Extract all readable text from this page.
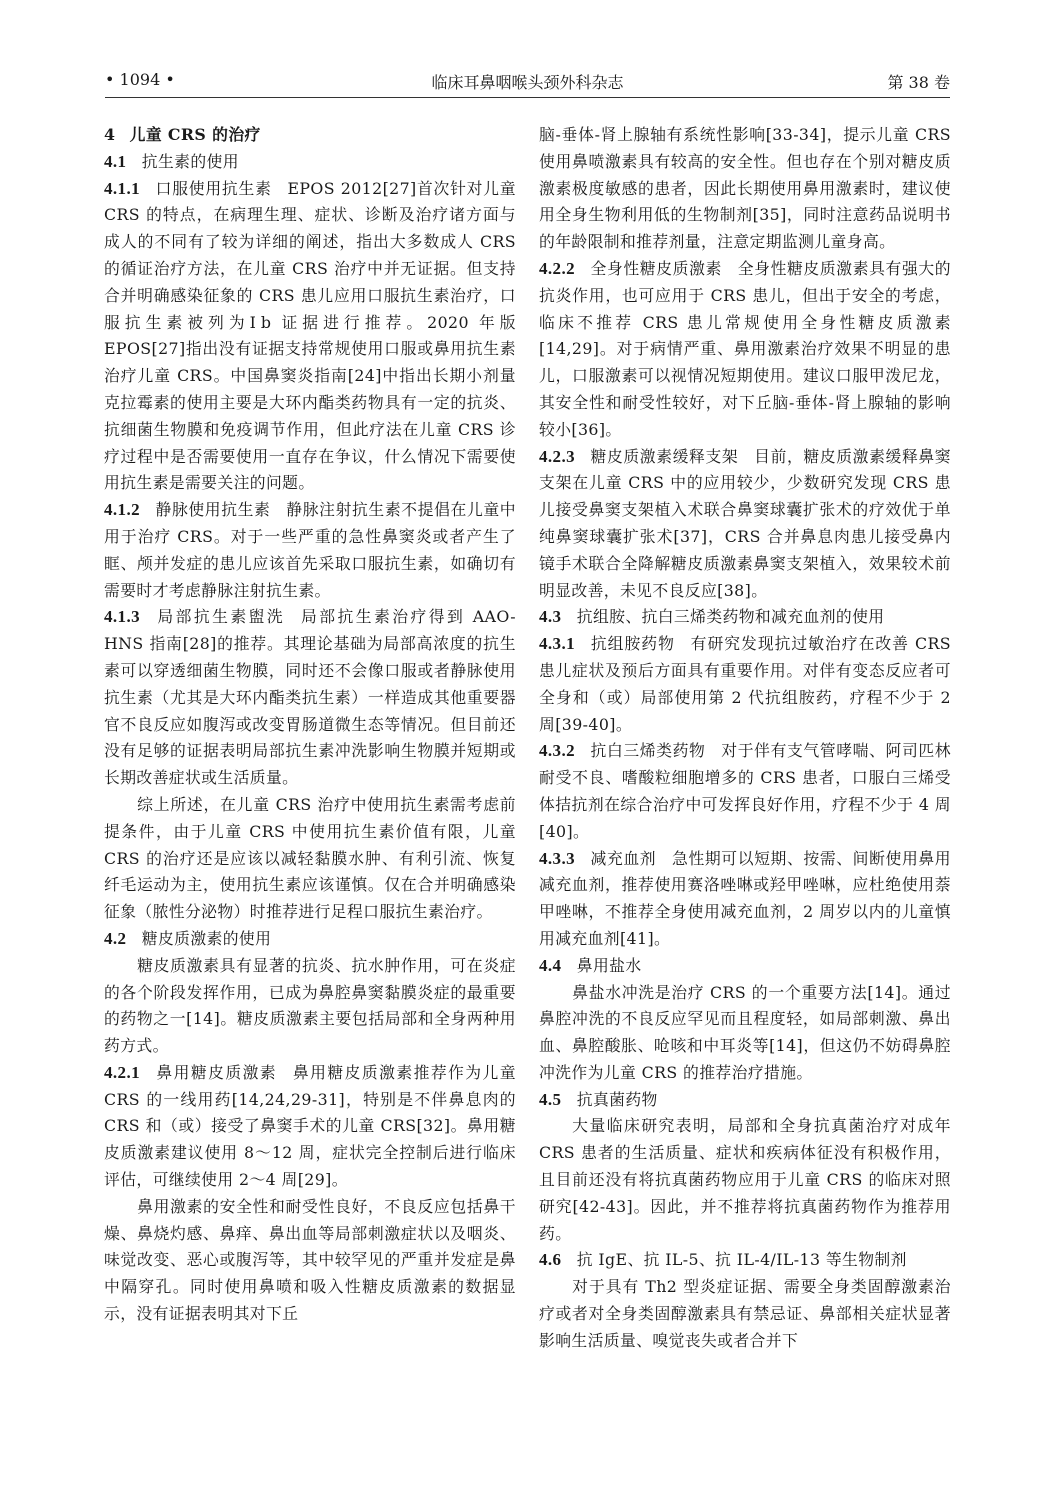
临床耳鼻咽喉头颈外科杂志
• 1094 •	第 38 卷

4 儿童 CRS 的治疗

4.1 抗生素的使用

4.1.1 口服使用抗生素 EPOS 2012[27]首次针对儿童 CRS 的特点，在病理生理、症状、诊断及治疗诸方面与成人的不同有了较为详细的阐述，指出大多数成人 CRS 的循证治疗方法，在儿童 CRS 治疗中并无证据。但支持合并明确感染征象的 CRS 患儿应用口服抗生素治疗，口服抗生素被列为Ⅰb 证据进行推荐。2020 年版 EPOS[27]指出没有证据支持常规使用口服或鼻用抗生素治疗儿童 CRS。中国鼻窦炎指南[24]中指出长期小剂量克拉霉素的使用主要是大环内酯类药物具有一定的抗炎、抗细菌生物膜和免疫调节作用，但此疗法在儿童 CRS 诊疗过程中是否需要使用一直存在争议，什么情况下需要使用抗生素是需要关注的问题。

4.1.2 静脉使用抗生素 静脉注射抗生素不提倡在儿童中用于治疗 CRS。对于一些严重的急性鼻窦炎或者产生了眶、颅并发症的患儿应该首先采取口服抗生素，如确切有需要时才考虑静脉注射抗生素。

4.1.3 局部抗生素盥洗 局部抗生素治疗得到 AAO-HNS 指南[28]的推荐。其理论基础为局部高浓度的抗生素可以穿透细菌生物膜，同时还不会像口服或者静脉使用抗生素（尤其是大环内酯类抗生素）一样造成其他重要器官不良反应如腹泻或改变胃肠道微生态等情况。但目前还没有足够的证据表明局部抗生素冲洗影响生物膜并短期或长期改善症状或生活质量。

综上所述，在儿童 CRS 治疗中使用抗生素需考虑前提条件，由于儿童 CRS 中使用抗生素价值有限，儿童 CRS 的治疗还是应该以减轻黏膜水肿、有利引流、恢复纤毛运动为主，使用抗生素应该谨慎。仅在合并明确感染征象（脓性分泌物）时推荐进行足程口服抗生素治疗。

4.2 糖皮质激素的使用

糖皮质激素具有显著的抗炎、抗水肿作用，可在炎症的各个阶段发挥作用，已成为鼻腔鼻窦黏膜炎症的最重要的药物之一[14]。糖皮质激素主要包括局部和全身两种用药方式。

4.2.1 鼻用糖皮质激素 鼻用糖皮质激素推荐作为儿童 CRS 的一线用药[14,24,29-31]，特别是不伴鼻息肉的 CRS 和（或）接受了鼻窦手术的儿童 CRS[32]。鼻用糖皮质激素建议使用 8～12 周，症状完全控制后进行临床评估，可继续使用 2～4 周[29]。

鼻用激素的安全性和耐受性良好，不良反应包括鼻干燥、鼻烧灼感、鼻痒、鼻出血等局部刺激症状以及咽炎、味觉改变、恶心或腹泻等，其中较罕见的严重并发症是鼻中隔穿孔。同时使用鼻喷和吸入性糖皮质激素的数据显示，没有证据表明其对下丘

脑-垂体-肾上腺轴有系统性影响[33-34]，提示儿童 CRS 使用鼻喷激素具有较高的安全性。但也存在个别对糖皮质激素极度敏感的患者，因此长期使用鼻用激素时，建议使用全身生物利用低的生物制剂[35]，同时注意药品说明书的年龄限制和推荐剂量，注意定期监测儿童身高。

4.2.2 全身性糖皮质激素 全身性糖皮质激素具有强大的抗炎作用，也可应用于 CRS 患儿，但出于安全的考虑，临床不推荐 CRS 患儿常规使用全身性糖皮质激素[14,29]。对于病情严重、鼻用激素治疗效果不明显的患儿，口服激素可以视情况短期使用。建议口服甲泼尼龙，其安全性和耐受性较好，对下丘脑-垂体-肾上腺轴的影响较小[36]。

4.2.3 糖皮质激素缓释支架 目前，糖皮质激素缓释鼻窦支架在儿童 CRS 中的应用较少，少数研究发现 CRS 患儿接受鼻窦支架植入术联合鼻窦球囊扩张术的疗效优于单纯鼻窦球囊扩张术[37]，CRS 合并鼻息肉患儿接受鼻内镜手术联合全降解糖皮质激素鼻窦支架植入，效果较术前明显改善，未见不良反应[38]。

4.3 抗组胺、抗白三烯类药物和减充血剂的使用

4.3.1 抗组胺药物 有研究发现抗过敏治疗在改善 CRS 患儿症状及预后方面具有重要作用。对伴有变态反应者可全身和（或）局部使用第 2 代抗组胺药，疗程不少于 2 周[39-40]。

4.3.2 抗白三烯类药物 对于伴有支气管哮喘、阿司匹林耐受不良、嗜酸粒细胞增多的 CRS 患者，口服白三烯受体拮抗剂在综合治疗中可发挥良好作用，疗程不少于 4 周[40]。

4.3.3 减充血剂 急性期可以短期、按需、间断使用鼻用减充血剂，推荐使用赛洛唑啉或羟甲唑啉，应杜绝使用萘甲唑啉，不推荐全身使用减充血剂，2 周岁以内的儿童慎用减充血剂[41]。

4.4 鼻用盐水

鼻盐水冲洗是治疗 CRS 的一个重要方法[14]。通过鼻腔冲洗的不良反应罕见而且程度轻，如局部刺激、鼻出血、鼻腔酸胀、呛咳和中耳炎等[14]，但这仍不妨碍鼻腔冲洗作为儿童 CRS 的推荐治疗措施。

4.5 抗真菌药物

大量临床研究表明，局部和全身抗真菌治疗对成年 CRS 患者的生活质量、症状和疾病体征没有积极作用，且目前还没有将抗真菌药物应用于儿童 CRS 的临床对照研究[42-43]。因此，并不推荐将抗真菌药物作为推荐用药。

4.6 抗 IgE、抗 IL-5、抗 IL-4/IL-13 等生物制剂

对于具有 Th2 型炎症证据、需要全身类固醇激素治疗或者对全身类固醇激素具有禁忌证、鼻部相关症状显著影响生活质量、嗅觉丧失或者合并下
